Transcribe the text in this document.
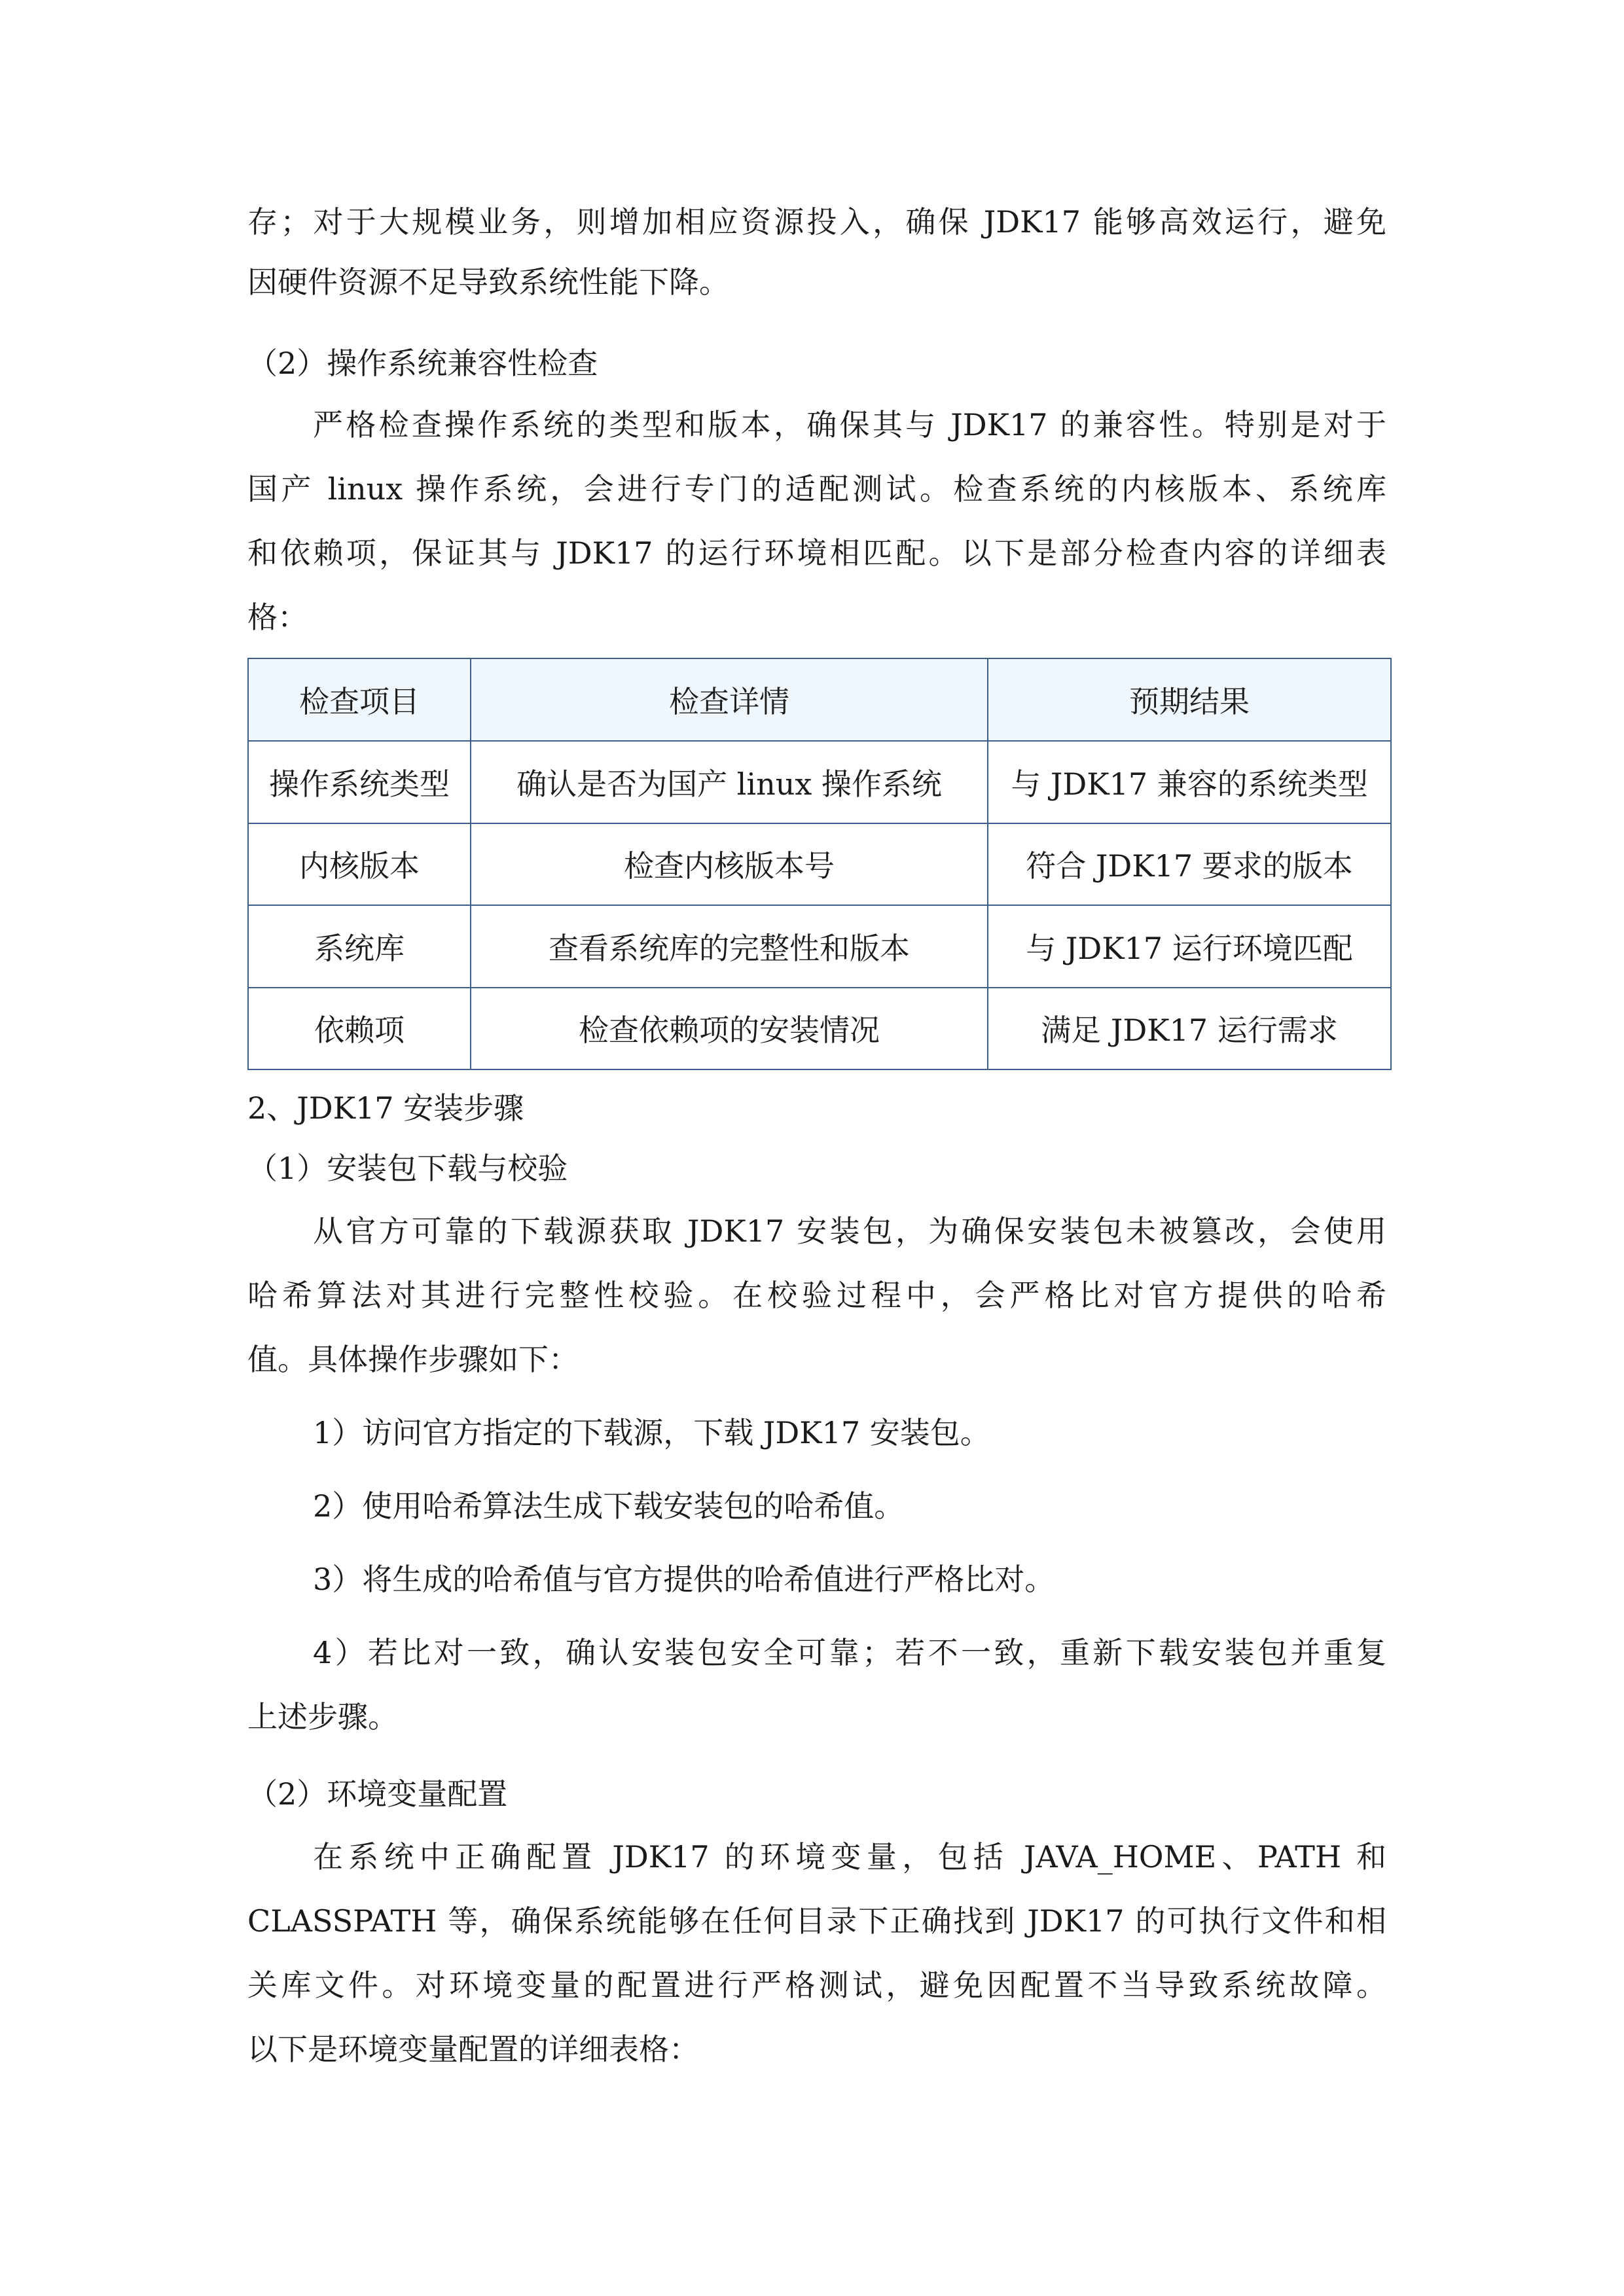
存；对于大规模业务，则增加相应资源投入，确保 JDK17 能够高效运行，避免

因硬件资源不足导致系统性能下降。

（2）操作系统兼容性检查

严格检查操作系统的类型和版本，确保其与 JDK17 的兼容性。特别是对于

国产 linux 操作系统，会进行专门的适配测试。检查系统的内核版本、系统库

和依赖项，保证其与 JDK17 的运行环境相匹配。以下是部分检查内容的详细表

格：

检查项目	检查详情	预期结果
操作系统类型	确认是否为国产 linux 操作系统	与 JDK17 兼容的系统类型
内核版本	检查内核版本号	符合 JDK17 要求的版本
系统库	查看系统库的完整性和版本	与 JDK17 运行环境匹配
依赖项	检查依赖项的安装情况	满足 JDK17 运行需求

2、JDK17 安装步骤

（1）安装包下载与校验

从官方可靠的下载源获取 JDK17 安装包，为确保安装包未被篡改，会使用

哈希算法对其进行完整性校验。在校验过程中，会严格比对官方提供的哈希

值。具体操作步骤如下：

1）访问官方指定的下载源，下载 JDK17 安装包。

2）使用哈希算法生成下载安装包的哈希值。

3）将生成的哈希值与官方提供的哈希值进行严格比对。

4）若比对一致，确认安装包安全可靠；若不一致，重新下载安装包并重复

上述步骤。

（2）环境变量配置

在系统中正确配置 JDK17 的环境变量，包括 JAVA_HOME、PATH 和

CLASSPATH 等，确保系统能够在任何目录下正确找到 JDK17 的可执行文件和相

关库文件。对环境变量的配置进行严格测试，避免因配置不当导致系统故障。

以下是环境变量配置的详细表格：
